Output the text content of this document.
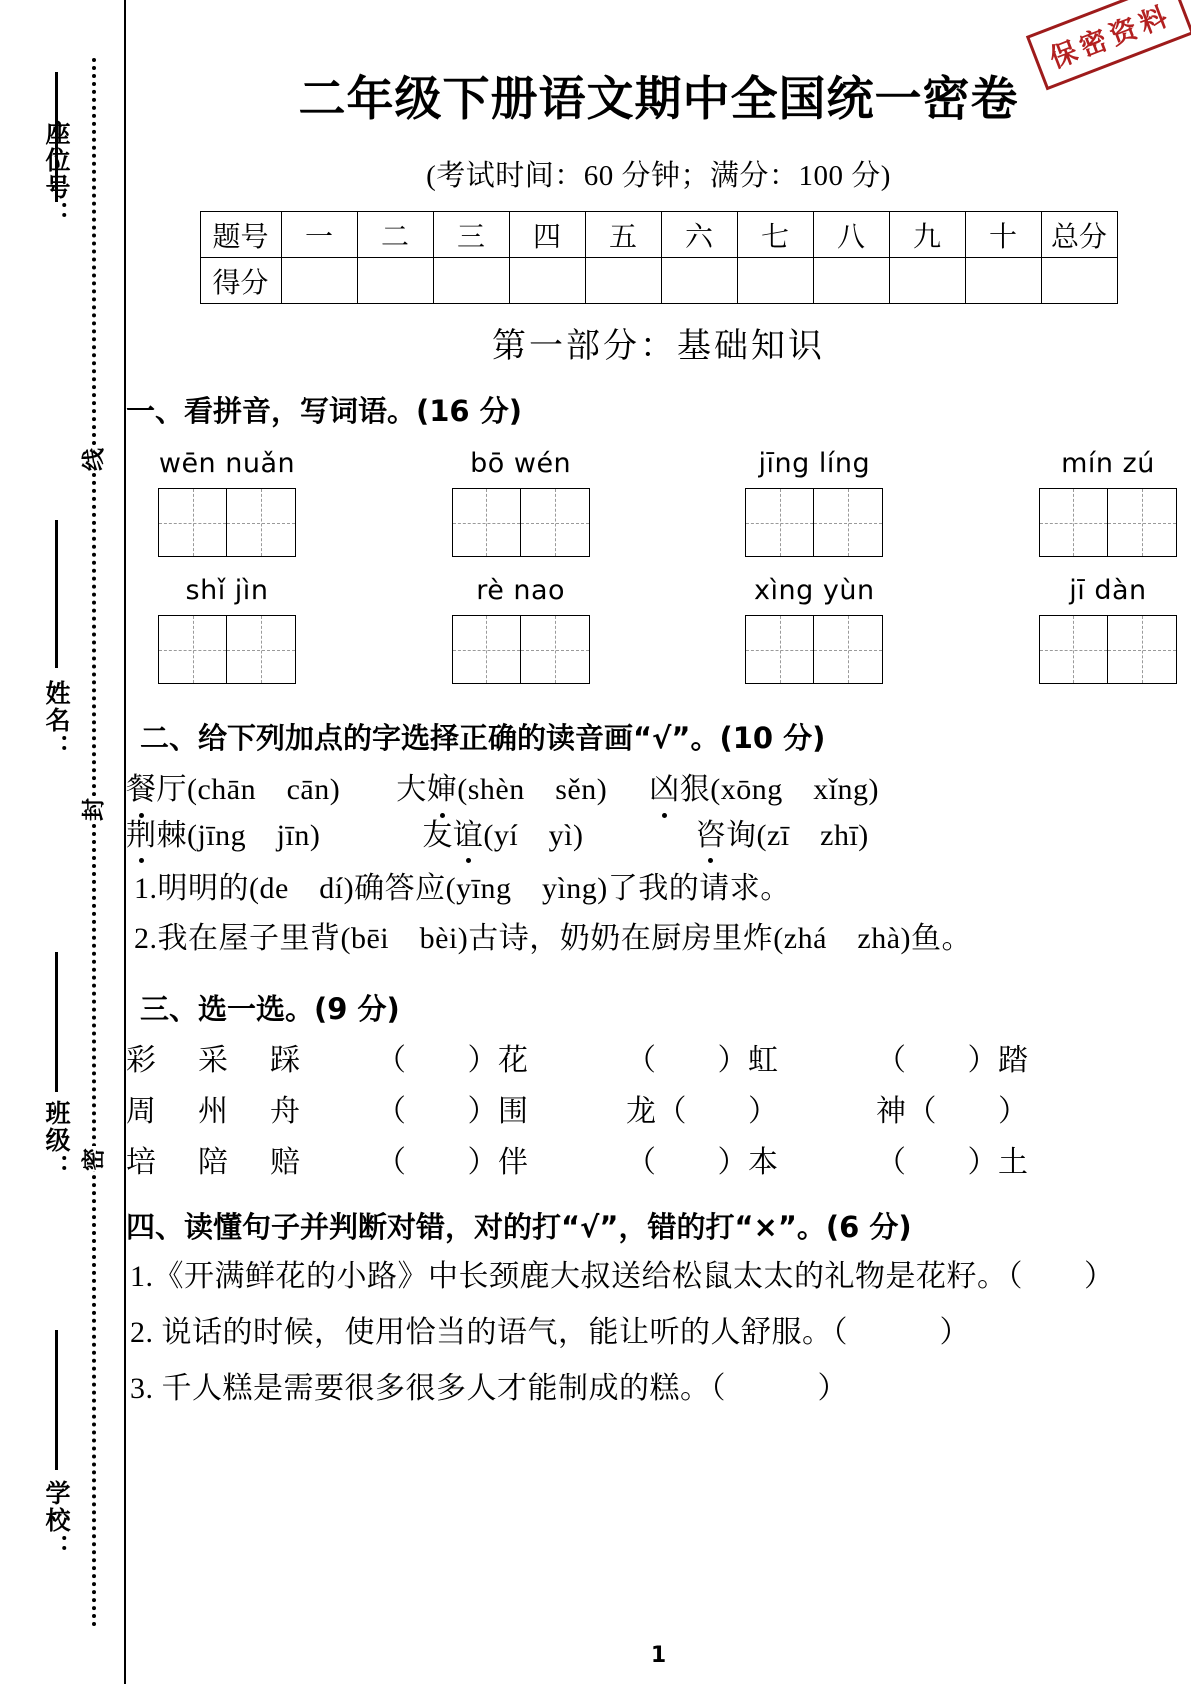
座位号：
姓名：
班级：
学校：
线
封
密
保密资料
二年级下册语文期中全国统一密卷
(考试时间：60 分钟；满分：100 分)
题号	一	二	三	四	五	六	七	八	九	十	总分
得分											
第一部分：基础知识
一、看拼音，写词语。(16 分)
wēn nuǎn	bō wén	jīng líng	mín zú
shǐ jìn	rè nao	xìng yùn	jī dàn
二、给下列加点的字选择正确的读音画“√”。(10 分)
餐厅(chān　cān) 大婶(shèn　sěn) 凶狠(xōng　xǐng)
荆棘(jīng　jīn)	友谊(yí　yì)	咨询(zī　zhī)
1.明明的(de　dí)确答应(yīng　yìng)了我的请求。
2.我在屋子里背(bēi　bèi)古诗，奶奶在厨房里炸(zhá　zhà)鱼。
三、选一选。(9 分)
彩	采	踩	（　　）花	（　　）虹	（　　）踏
周	州	舟	（　　）围	龙（　　）	神（　　）
培	陪	赔	（　　）伴	（　　）本	（　　）土
四、读懂句子并判断对错，对的打“√”，错的打“×”。(6 分)
1.《开满鲜花的小路》中长颈鹿大叔送给松鼠太太的礼物是花籽。（　　）
2. 说话的时候，使用恰当的语气，能让听的人舒服。（　　　）
3. 千人糕是需要很多很多人才能制成的糕。（　　　）
1
